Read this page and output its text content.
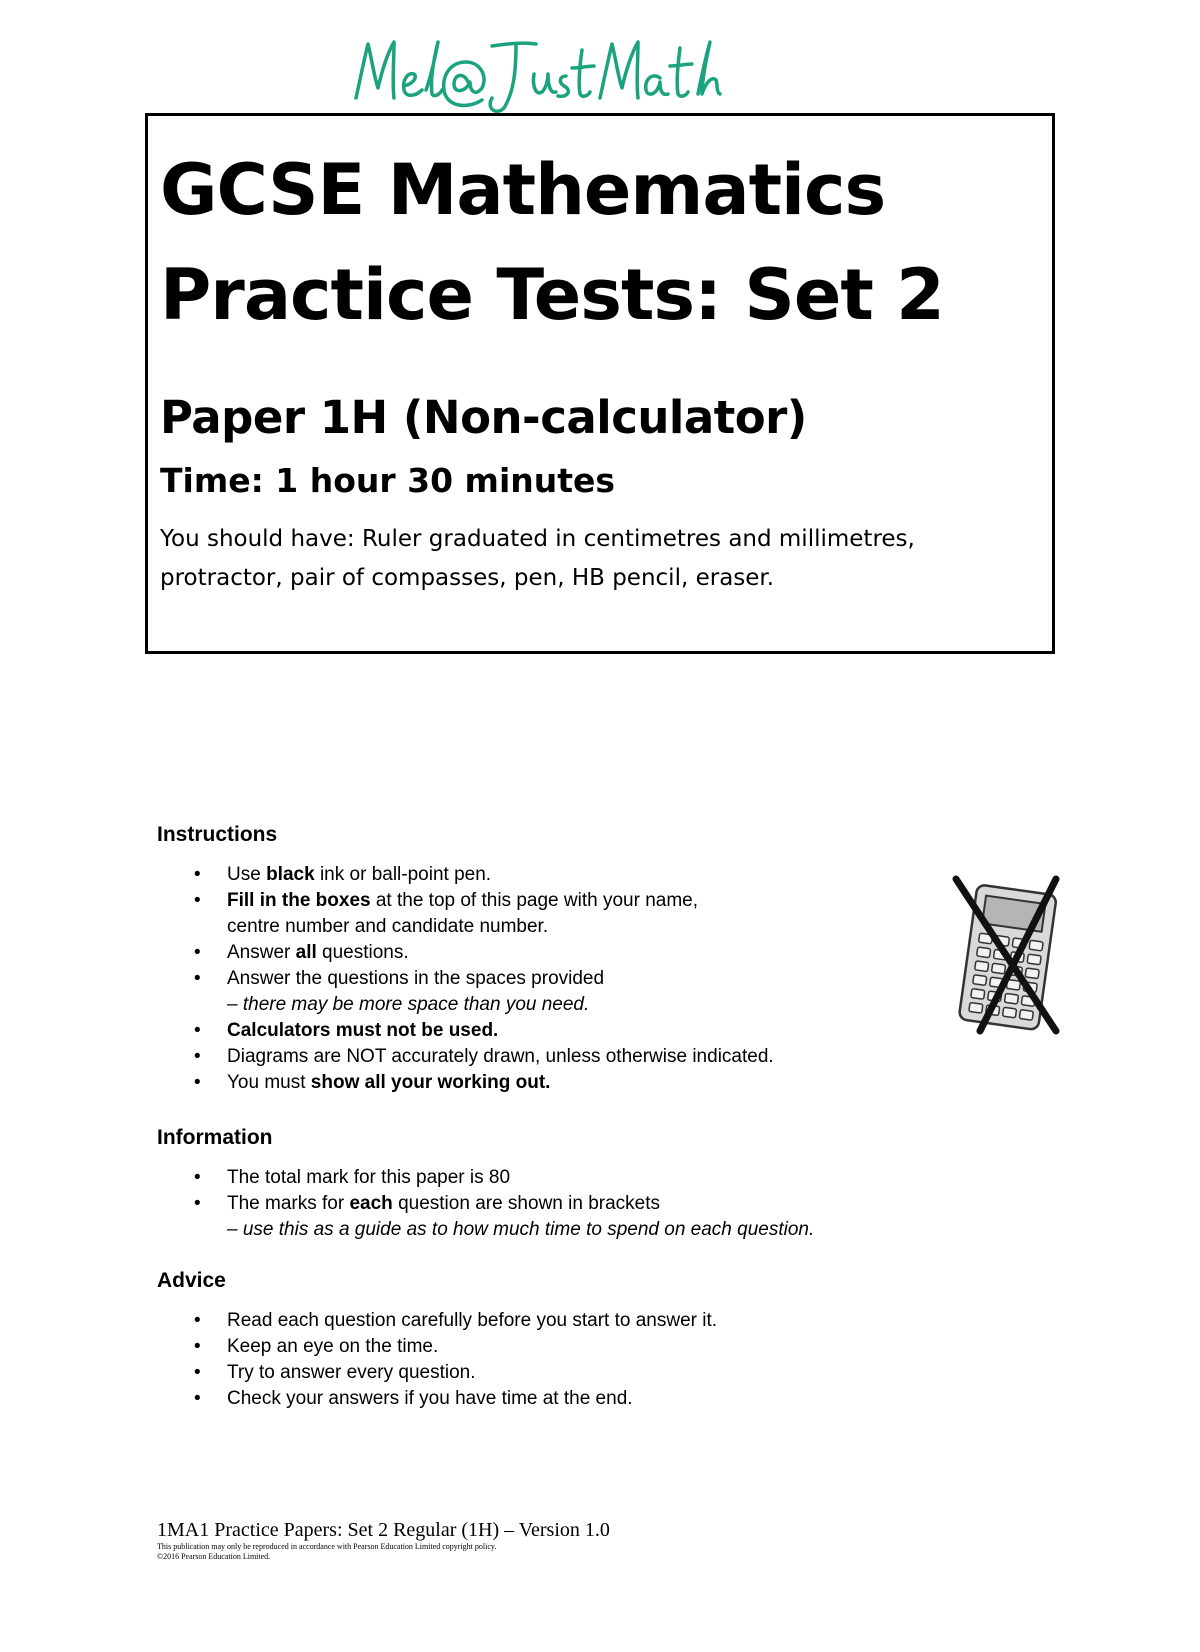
GCSE Mathematics
Practice Tests: Set 2
Paper 1H (Non-calculator)
Time: 1 hour 30 minutes
You should have: Ruler graduated in centimetres and millimetres,
protractor, pair of compasses, pen, HB pencil, eraser.
Instructions
• Use black ink or ball-point pen.
• Fill in the boxes at the top of this page with your name,
centre number and candidate number.
• Answer all questions.
• Answer the questions in the spaces provided
– there may be more space than you need.
• Calculators must not be used.
• Diagrams are NOT accurately drawn, unless otherwise indicated.
• You must show all your working out.
Information
• The total mark for this paper is 80
• The marks for each question are shown in brackets
– use this as a guide as to how much time to spend on each question.
Advice
• Read each question carefully before you start to answer it.
• Keep an eye on the time.
• Try to answer every question.
• Check your answers if you have time at the end.
1MA1 Practice Papers: Set 2 Regular (1H) – Version 1.0
This publication may only be reproduced in accordance with Pearson Education Limited copyright policy.
©2016 Pearson Education Limited.
